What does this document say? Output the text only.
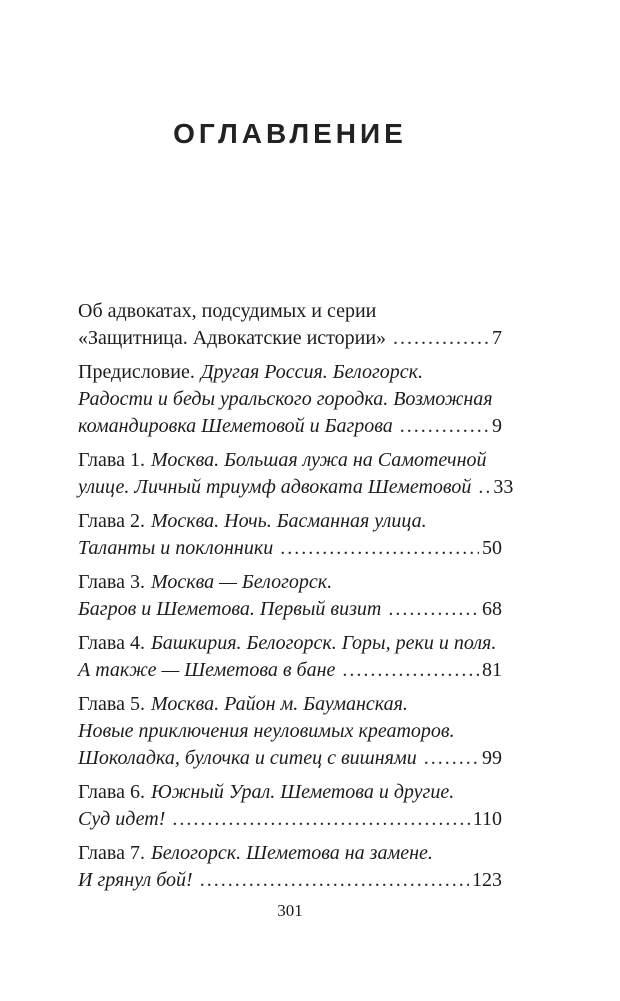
ОГЛАВЛЕНИЕ
Об адвокатах, подсудимых и серии
«Защитница. Адвокатские истории» .....	7
Предисловие. Другая Россия. Белогорск.
Радости и беды уральского городка. Возможная
командировка Шеметовой и Багрова .....	9
Глава 1. Москва. Большая лужа на Самотечной
улице. Личный триумф адвоката Шеметовой ..... 33
Глава 2. Москва. Ночь. Басманная улица.
Таланты и поклонники .....	50
Глава 3. Москва — Белогорск.
Багров и Шеметова. Первый визит .....	68
Глава 4. Башкирия. Белогорск. Горы, реки и поля.
А также — Шеметова в бане .....	81
Глава 5. Москва. Район м. Бауманская.
Новые приключения неуловимых креаторов.
Шоколадка, булочка и ситец с вишнями .....	99
Глава 6. Южный Урал. Шеметова и другие.
Суд идет! .....	110
Глава 7. Белогорск. Шеметова на замене.
И грянул бой! .....	123
301
